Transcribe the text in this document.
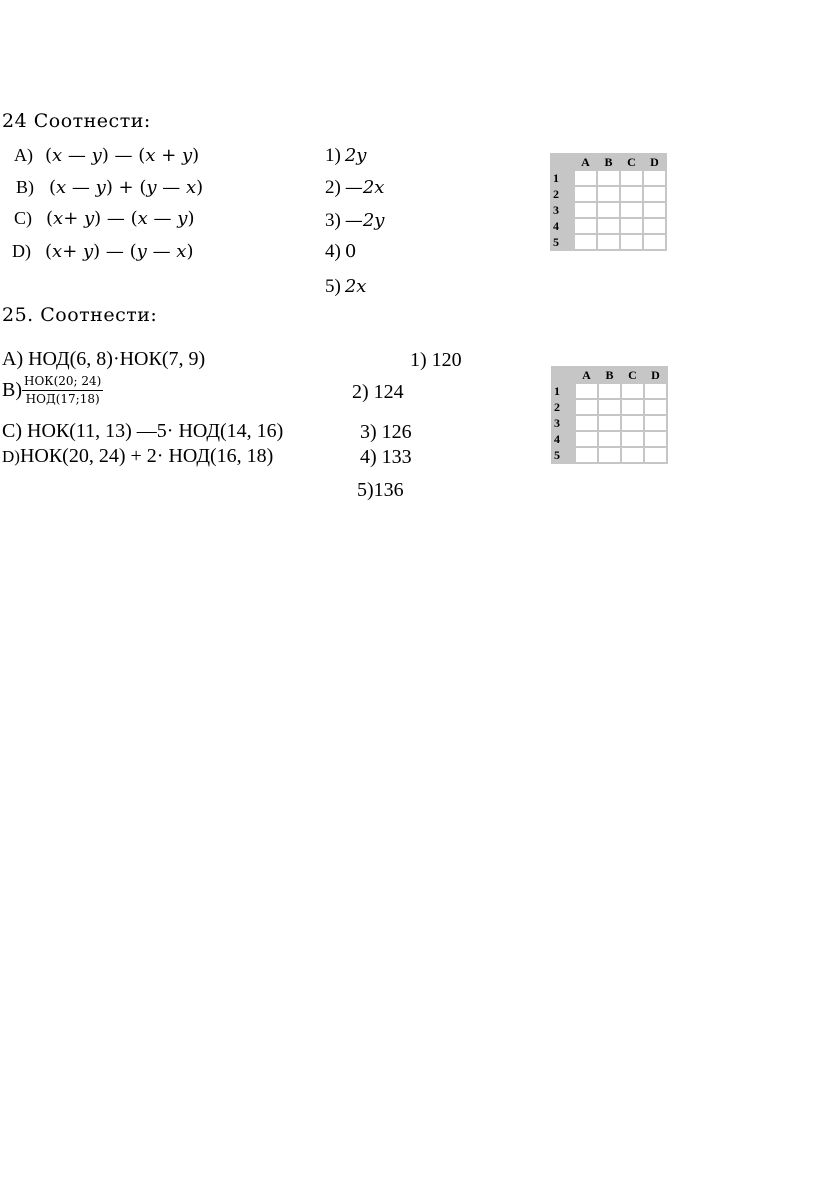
24 Соотнести:
A) (x — y) — (x + y)
B) (x — y) + (y — x)
C) (x+ y) — (x — y)
D) (x+ y) — (y — x)
1) 2y
2) —2x
3) —2y
4) 0
5) 2x
	A	B	C	D
1				
2				
3				
4				
5				
25. Соотнести:
A) НОД(6, 8)·НОК(7, 9)
$B) \frac{\text{НОК(20; 24)}}{\text{НОД(17;18)}}$
C) НОК(11, 13) —5· НОД(14, 16)
D)НОК(20, 24) + 2· НОД(16, 18)
1) 120
2) 124
3) 126
4) 133
5)136
	A	B	C	D
1				
2				
3				
4				
5				
